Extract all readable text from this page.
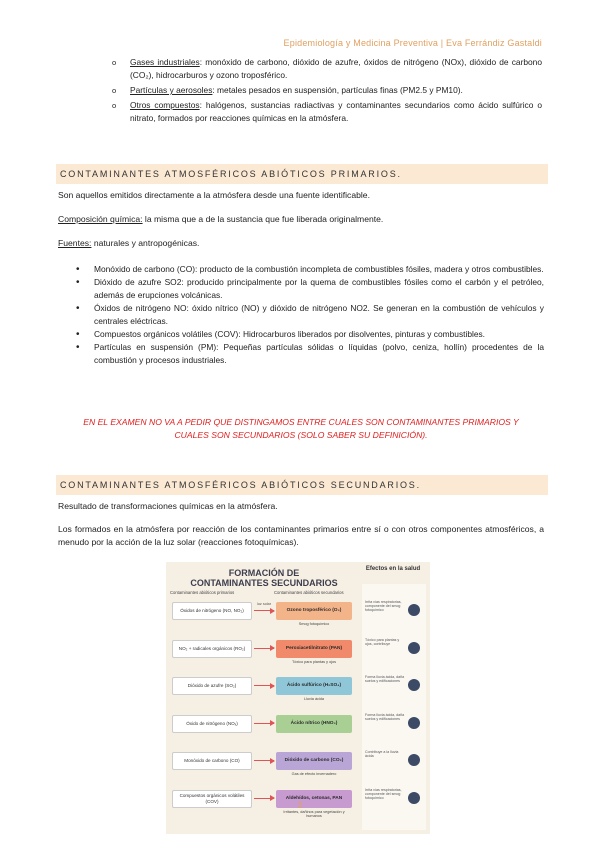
Epidemiología y Medicina Preventiva | Eva Ferrándiz Gastaldi
o Gases industriales: monóxido de carbono, dióxido de azufre, óxidos de nitrógeno (NOx), dióxido de carbono (CO₂), hidrocarburos y ozono troposférico.
o Partículas y aerosoles: metales pesados en suspensión, partículas finas (PM2.5 y PM10).
o Otros compuestos: halógenos, sustancias radiactivas y contaminantes secundarios como ácido sulfúrico o nitrato, formados por reacciones químicas en la atmósfera.
CONTAMINANTES ATMOSFÉRICOS ABIÓTICOS PRIMARIOS.
Son aquellos emitidos directamente a la atmósfera desde una fuente identificable.
Composición química: la misma que a de la sustancia que fue liberada originalmente.
Fuentes: naturales y antropogénicas.
• Monóxido de carbono (CO): producto de la combustión incompleta de combustibles fósiles, madera y otros combustibles.
• Dióxido de azufre SO2: producido principalmente por la quema de combustibles fósiles como el carbón y el petróleo, además de erupciones volcánicas.
• Óxidos de nitrógeno NO: óxido nítrico (NO) y dióxido de nitrógeno NO2. Se generan en la combustión de vehículos y centrales eléctricas.
• Compuestos orgánicos volátiles (COV): Hidrocarburos liberados por disolventes, pinturas y combustibles.
• Partículas en suspensión (PM): Pequeñas partículas sólidas o líquidas (polvo, ceniza, hollín) procedentes de la combustión y procesos industriales.
EN EL EXAMEN NO VA A PEDIR QUE DISTINGAMOS ENTRE CUALES SON CONTAMINANTES PRIMARIOS Y CUALES SON SECUNDARIOS (SOLO SABER SU DEFINICIÓN).
CONTAMINANTES ATMOSFÉRICOS ABIÓTICOS SECUNDARIOS.
Resultado de transformaciones químicas en la atmósfera.
Los formados en la atmósfera por reacción de los contaminantes primarios entre sí o con otros componentes atmosféricos, a menudo por la acción de la luz solar (reacciones fotoquímicas).
FORMACIÓN DE
CONTAMINANTES SECUNDARIOS
Contaminantes abióticos primarios	Contaminantes abióticos secundarios
Efectos en la salud
Óxidos de nitrógeno (NO, NO₂)
luz solar
Ozono troposférico (O₃)
Smog fotoquímico
Irrita vías respiratorias, componente del smog fotoquímico
NO₂ + radicales orgánicos (RO₂)	Peroxiacetilnitrato (PAN)
Tóxico para plantas y ojos
Tóxico para plantas y ojos, contribuye
Dióxido de azufre (SO₂)	Ácido sulfúrico (H₂SO₄)
Lluvia ácida
Forma lluvia ácida, daña suelos y edificaciones
Óxido de nitrógeno (NOₓ)	Ácido nítrico (HNO₃)
Forma lluvia ácida, daña suelos y edificaciones
Monóxido de carbono (CO)	Dióxido de carbono (CO₂)
Gas de efecto invernadero
Contribuye a la lluvia ácida
Compuestos orgánicos volátiles (COV)
Aldehídos, cetonas, PAN
Irritantes, dañinos para vegetación y humanos
Irrita vías respiratorias, componente del smog fotoquímico
2
